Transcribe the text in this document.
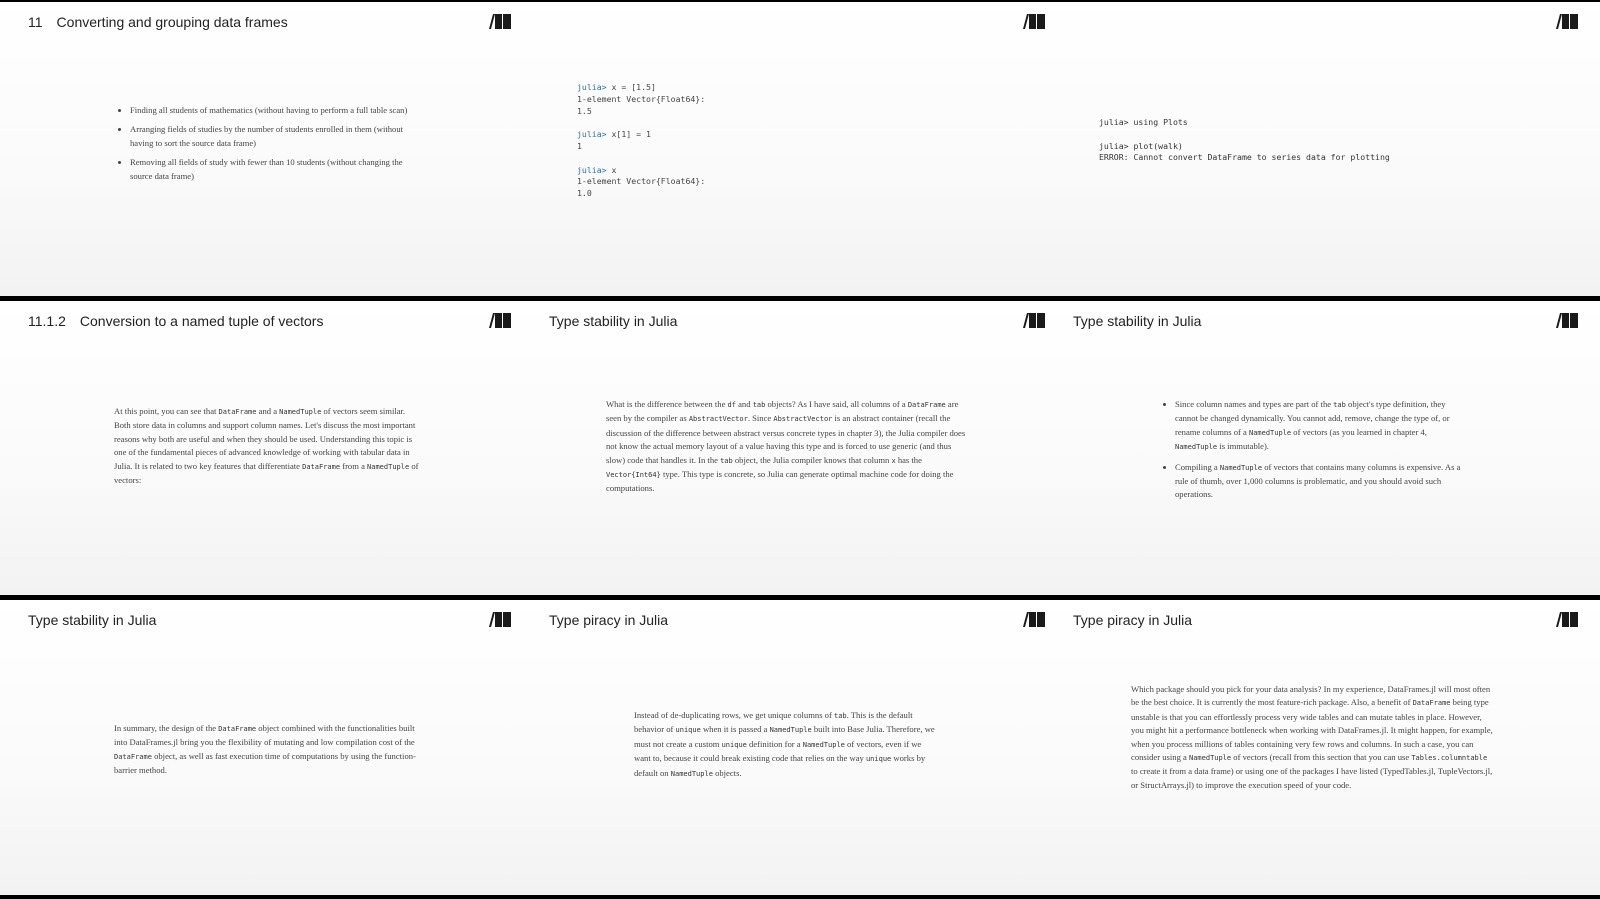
11 Converting and grouping data frames
• Finding all students of mathematics (without having to perform a full table scan)
• Arranging fields of studies by the number of students enrolled in them (without having to sort the source data frame)
• Removing all fields of study with fewer than 10 students (without changing the source data frame)
julia> x = [1.5]
1-element Vector{Float64}:
1.5
julia> x[1] = 1
1
julia> x
1-element Vector{Float64}:
1.0
julia> using Plots
julia> plot(walk)
ERROR: Cannot convert DataFrame to series data for plotting
11.1.2 Conversion to a named tuple of vectors

At this point, you can see that DataFrame and a NamedTuple of vectors seem similar. Both store data in columns and support column names. Let's discuss the most important reasons why both are useful and when they should be used. Understanding this topic is one of the fundamental pieces of advanced knowledge of working with tabular data in Julia. It is related to two key features that differentiate DataFrame from a NamedTuple of vectors:

Type stability in Julia

What is the difference between the df and tab objects? As I have said, all columns of a DataFrame are seen by the compiler as AbstractVector. Since AbstractVector is an abstract container (recall the discussion of the difference between abstract versus concrete types in chapter 3), the Julia compiler does not know the actual memory layout of a value having this type and is forced to use generic (and thus slow) code that handles it. In the tab object, the Julia compiler knows that column x has the Vector{Int64} type. This type is concrete, so Julia can generate optimal machine code for doing the computations.

Type stability in Julia
• Since column names and types are part of the tab object's type definition, they cannot be changed dynamically. You cannot add, remove, change the type of, or rename columns of a NamedTuple of vectors (as you learned in chapter 4, NamedTuple is immutable).
• Compiling a NamedTuple of vectors that contains many columns is expensive. As a rule of thumb, over 1,000 columns is problematic, and you should avoid such operations.
Type stability in Julia

In summary, the design of the DataFrame object combined with the functionalities built into DataFrames.jl bring you the flexibility of mutating and low compilation cost of the DataFrame object, as well as fast execution time of computations by using the function-barrier method.

Type piracy in Julia

Instead of de-duplicating rows, we get unique columns of tab. This is the default behavior of unique when it is passed a NamedTuple built into Base Julia. Therefore, we must not create a custom unique definition for a NamedTuple of vectors, even if we want to, because it could break existing code that relies on the way unique works by default on NamedTuple objects.

Type piracy in Julia

Which package should you pick for your data analysis? In my experience, DataFrames.jl will most often be the best choice. It is currently the most feature-rich package. Also, a benefit of DataFrame being type unstable is that you can effortlessly process very wide tables and can mutate tables in place. However, you might hit a performance bottleneck when working with DataFrames.jl. It might happen, for example, when you process millions of tables containing very few rows and columns. In such a case, you can consider using a NamedTuple of vectors (recall from this section that you can use Tables.columntable to create it from a data frame) or using one of the packages I have listed (TypedTables.jl, TupleVectors.jl, or StructArrays.jl) to improve the execution speed of your code.
